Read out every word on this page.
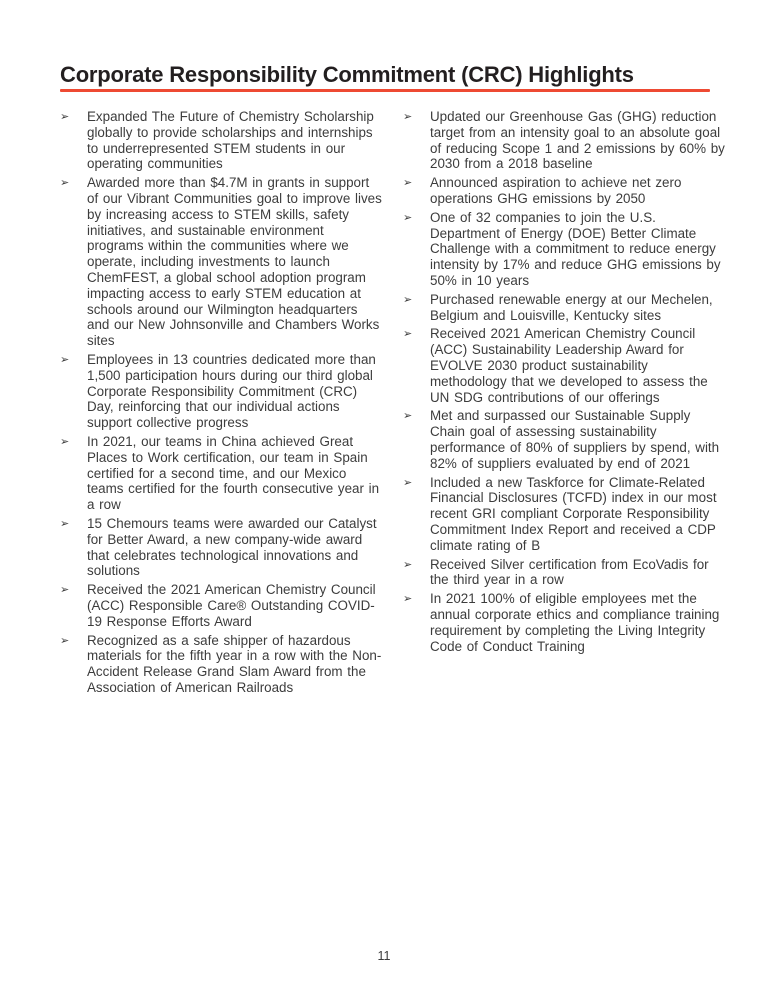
Corporate Responsibility Commitment (CRC) Highlights
➢	Expanded The Future of Chemistry Scholarship globally to provide scholarships and internships to underrepresented STEM students in our operating communities
➢	Awarded more than $4.7M in grants in support of our Vibrant Communities goal to improve lives by increasing access to STEM skills, safety initiatives, and sustainable environment programs within the communities where we operate, including investments to launch ChemFEST, a global school adoption program impacting access to early STEM education at schools around our Wilmington headquarters and our New Johnsonville and Chambers Works sites
➢	Employees in 13 countries dedicated more than 1,500 participation hours during our third global Corporate Responsibility Commitment (CRC) Day, reinforcing that our individual actions support collective progress
➢	In 2021, our teams in China achieved Great Places to Work certification, our team in Spain certified for a second time, and our Mexico teams certified for the fourth consecutive year in a row
➢	15 Chemours teams were awarded our Catalyst for Better Award, a new company-wide award that celebrates technological innovations and solutions
➢	Received the 2021 American Chemistry Council (ACC) Responsible Care® Outstanding COVID-19 Response Efforts Award
➢	Recognized as a safe shipper of hazardous materials for the fifth year in a row with the Non-Accident Release Grand Slam Award from the Association of American Railroads
➢	Updated our Greenhouse Gas (GHG) reduction target from an intensity goal to an absolute goal of reducing Scope 1 and 2 emissions by 60% by 2030 from a 2018 baseline
➢	Announced aspiration to achieve net zero operations GHG emissions by 2050
➢	One of 32 companies to join the U.S. Department of Energy (DOE) Better Climate Challenge with a commitment to reduce energy intensity by 17% and reduce GHG emissions by 50% in 10 years
➢	Purchased renewable energy at our Mechelen, Belgium and Louisville, Kentucky sites
➢	Received 2021 American Chemistry Council (ACC) Sustainability Leadership Award for EVOLVE 2030 product sustainability methodology that we developed to assess the UN SDG contributions of our offerings
➢	Met and surpassed our Sustainable Supply Chain goal of assessing sustainability performance of 80% of suppliers by spend, with 82% of suppliers evaluated by end of 2021
➢	Included a new Taskforce for Climate-Related Financial Disclosures (TCFD) index in our most recent GRI compliant Corporate Responsibility Commitment Index Report and received a CDP climate rating of B
➢	Received Silver certification from EcoVadis for the third year in a row
➢	In 2021 100% of eligible employees met the annual corporate ethics and compliance training requirement by completing the Living Integrity Code of Conduct Training
11
